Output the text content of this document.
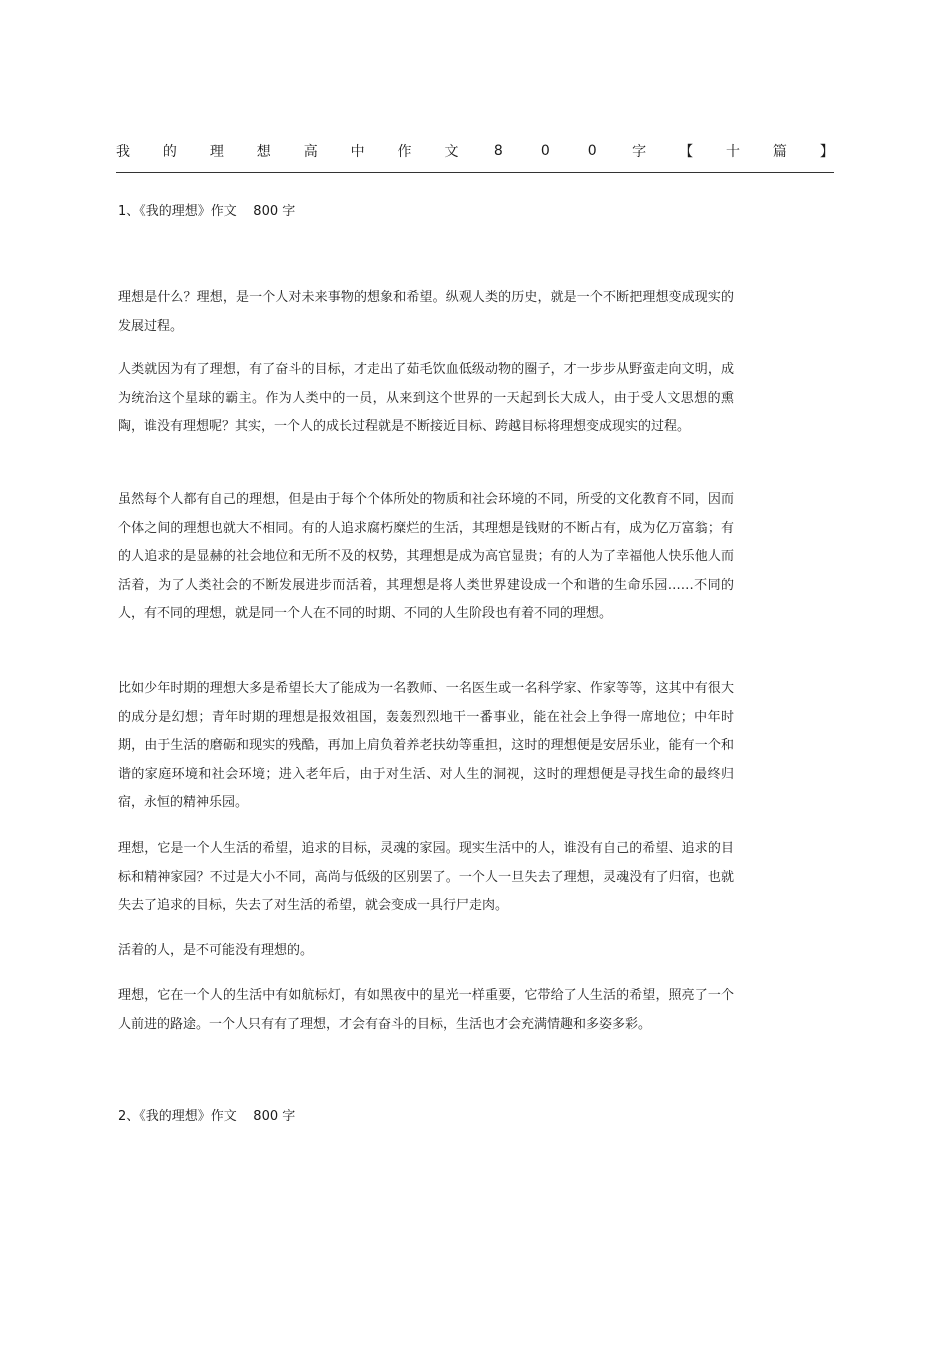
我 的 理 想 高 中 作 文	8	0	0	字 【 十 篇 】
1、《我的理想》作文    800 字

理想是什么？理想，是一个人对未来事物的想象和希望。纵观人类的历史，就是一个不断把理想变成现实的发展过程。

人类就因为有了理想，有了奋斗的目标，才走出了茹毛饮血低级动物的圈子，才一步步从野蛮走向文明，成为统治这个星球的霸主。作为人类中的一员，从来到这个世界的一天起到长大成人，由于受人文思想的熏陶，谁没有理想呢？其实，一个人的成长过程就是不断接近目标、跨越目标将理想变成现实的过程。

虽然每个人都有自己的理想，但是由于每个个体所处的物质和社会环境的不同，所受的文化教育不同，因而个体之间的理想也就大不相同。有的人追求腐朽糜烂的生活，其理想是钱财的不断占有，成为亿万富翁；有的人追求的是显赫的社会地位和无所不及的权势，其理想是成为高官显贵；有的人为了幸福他人快乐他人而活着，为了人类社会的不断发展进步而活着，其理想是将人类世界建设成一个和谐的生命乐园……不同的人，有不同的理想，就是同一个人在不同的时期、不同的人生阶段也有着不同的理想。

比如少年时期的理想大多是希望长大了能成为一名教师、一名医生或一名科学家、作家等等，这其中有很大的成分是幻想；青年时期的理想是报效祖国，轰轰烈烈地干一番事业，能在社会上争得一席地位；中年时期，由于生活的磨砺和现实的残酷，再加上肩负着养老扶幼等重担，这时的理想便是安居乐业，能有一个和谐的家庭环境和社会环境；进入老年后，由于对生活、对人生的洞视，这时的理想便是寻找生命的最终归宿，永恒的精神乐园。

理想，它是一个人生活的希望，追求的目标，灵魂的家园。现实生活中的人，谁没有自己的希望、追求的目标和精神家园？不过是大小不同，高尚与低级的区别罢了。一个人一旦失去了理想，灵魂没有了归宿，也就失去了追求的目标，失去了对生活的希望，就会变成一具行尸走肉。

活着的人，是不可能没有理想的。

理想，它在一个人的生活中有如航标灯，有如黑夜中的星光一样重要，它带给了人生活的希望，照亮了一个人前进的路途。一个人只有有了理想，才会有奋斗的目标，生活也才会充满情趣和多姿多彩。

2、《我的理想》作文    800 字
